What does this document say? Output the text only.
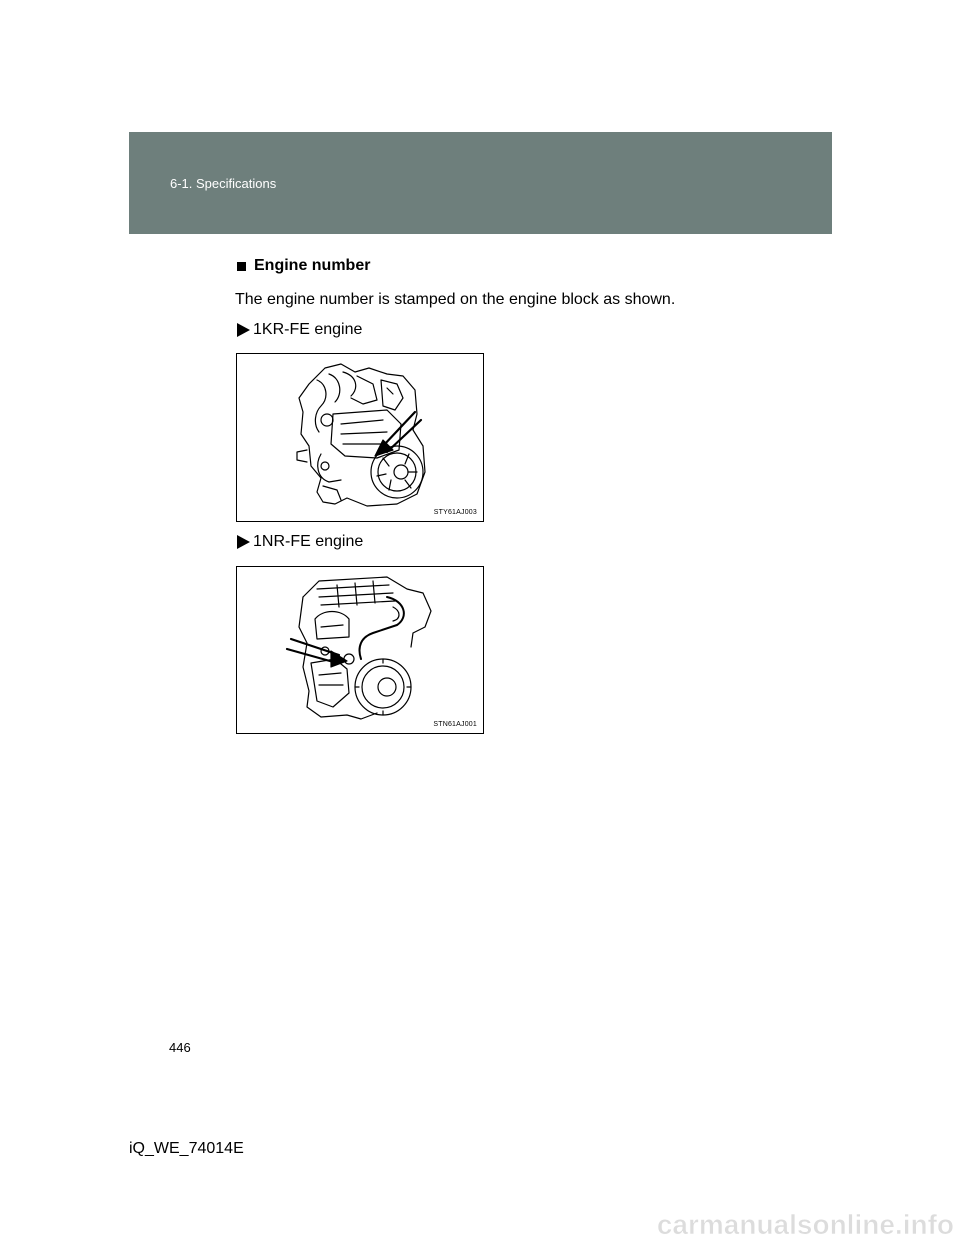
6-1. Specifications
Engine number
The engine number is stamped on the engine block as shown.
1KR-FE engine
STY61AJ003
1NR-FE engine
STN61AJ001
446
iQ_WE_74014E
carmanualsonline.info
